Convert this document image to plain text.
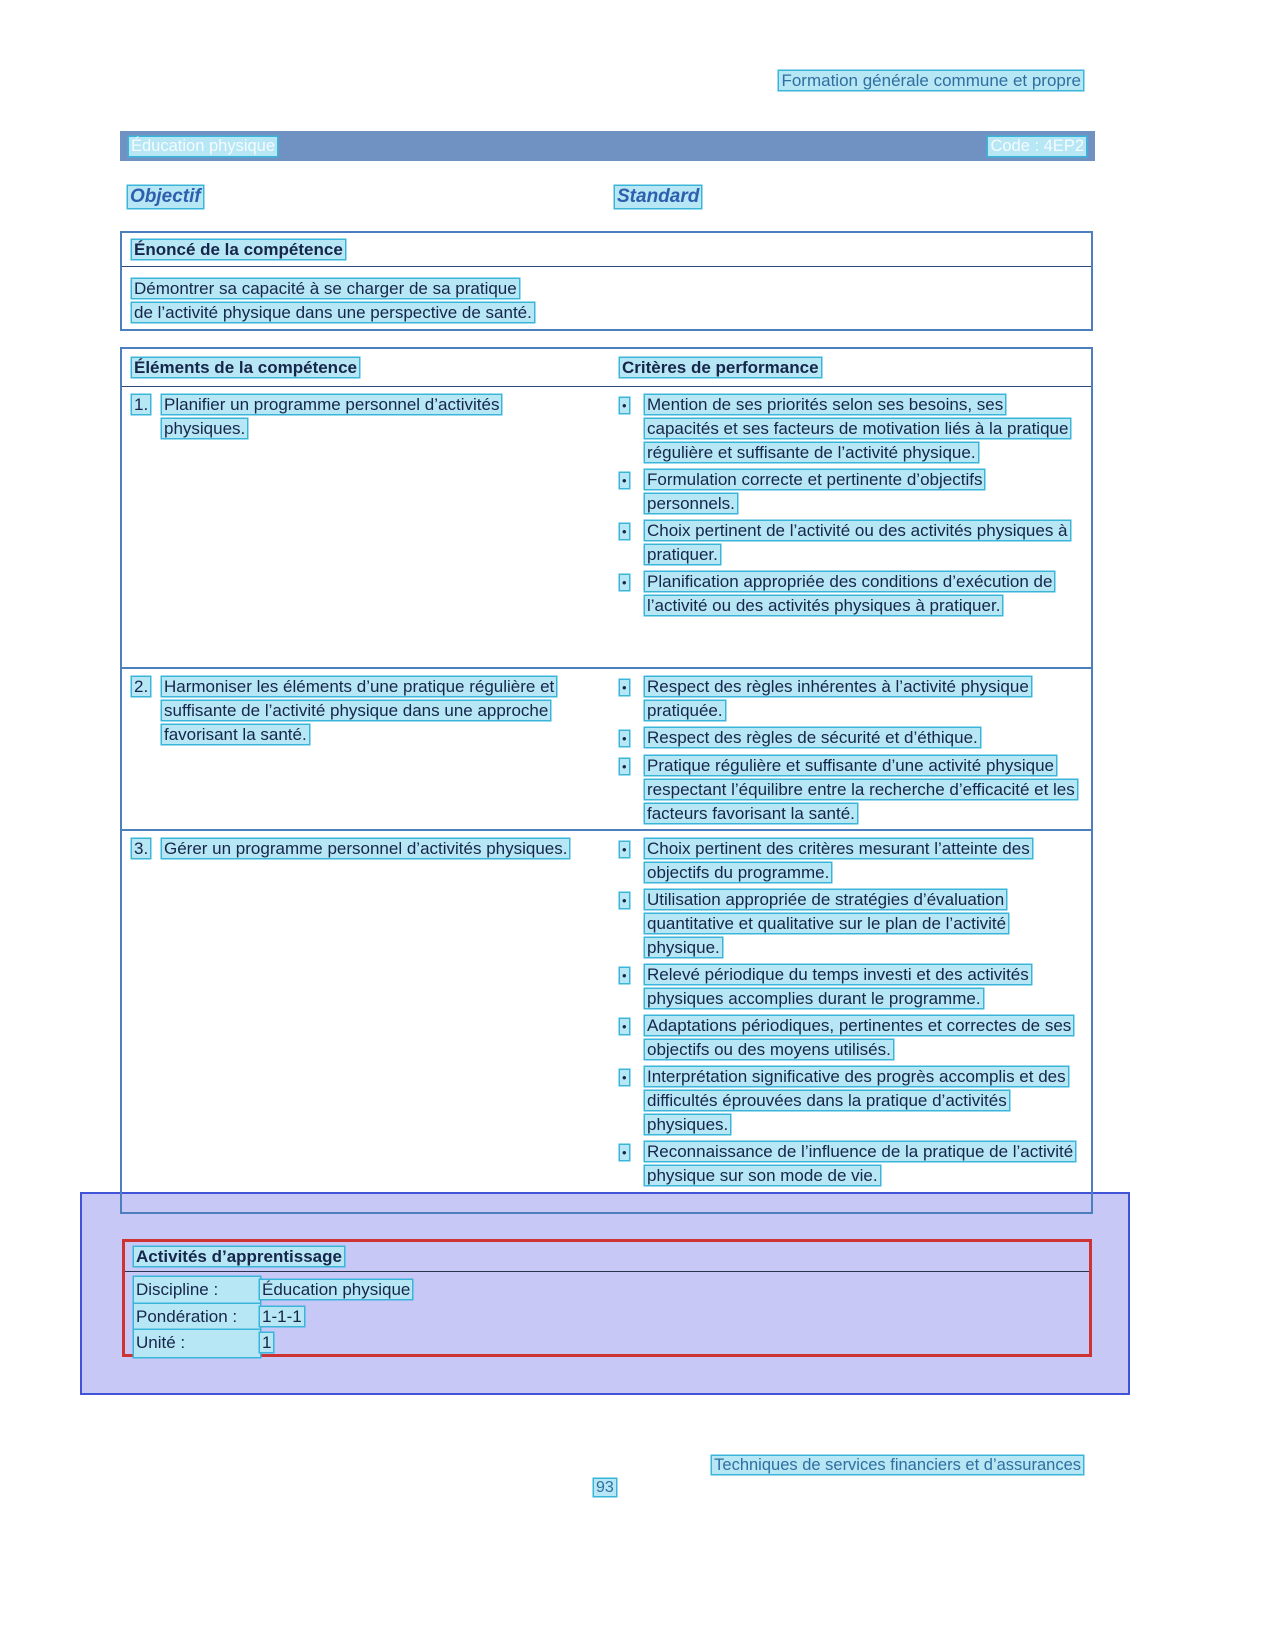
Formation générale commune et propre
Éducation physique	Code : 4EP2
Objectif	Standard
Énoncé de la compétence
Démontrer sa capacité à se charger de sa pratique
de l’activité physique dans une perspective de santé.
Éléments de la compétence	Critères de performance
1. Planifier un programme personnel d’activités physiques.
•	Mention de ses priorités selon ses besoins, ses capacités et ses facteurs de motivation liés à la pratique régulière et suffisante de l’activité physique.
•	Formulation correcte et pertinente d’objectifs personnels.
•	Choix pertinent de l’activité ou des activités physiques à pratiquer.
•	Planification appropriée des conditions d’exécution de l’activité ou des activités physiques à pratiquer.
2. Harmoniser les éléments d’une pratique régulière et suffisante de l’activité physique dans une approche favorisant la santé.
•	Respect des règles inhérentes à l’activité physique pratiquée.
•	Respect des règles de sécurité et d’éthique.
•	Pratique régulière et suffisante d’une activité physique respectant l’équilibre entre la recherche d’efficacité et les facteurs favorisant la santé.
3. Gérer un programme personnel d’activités physiques.	•	Choix pertinent des critères mesurant l’atteinte des objectifs du programme.
•	Utilisation appropriée de stratégies d’évaluation quantitative et qualitative sur le plan de l’activité physique.
•	Relevé périodique du temps investi et des activités physiques accomplies durant le programme.
•	Adaptations périodiques, pertinentes et correctes de ses objectifs ou des moyens utilisés.
•	Interprétation significative des progrès accomplis et des difficultés éprouvées dans la pratique d’activités physiques.
•	Reconnaissance de l’influence de la pratique de l’activité physique sur son mode de vie.
Activités d’apprentissage
Discipline :	Éducation physique
Pondération :	1-1-1
Unité :	1
Techniques de services financiers et d’assurances
93
